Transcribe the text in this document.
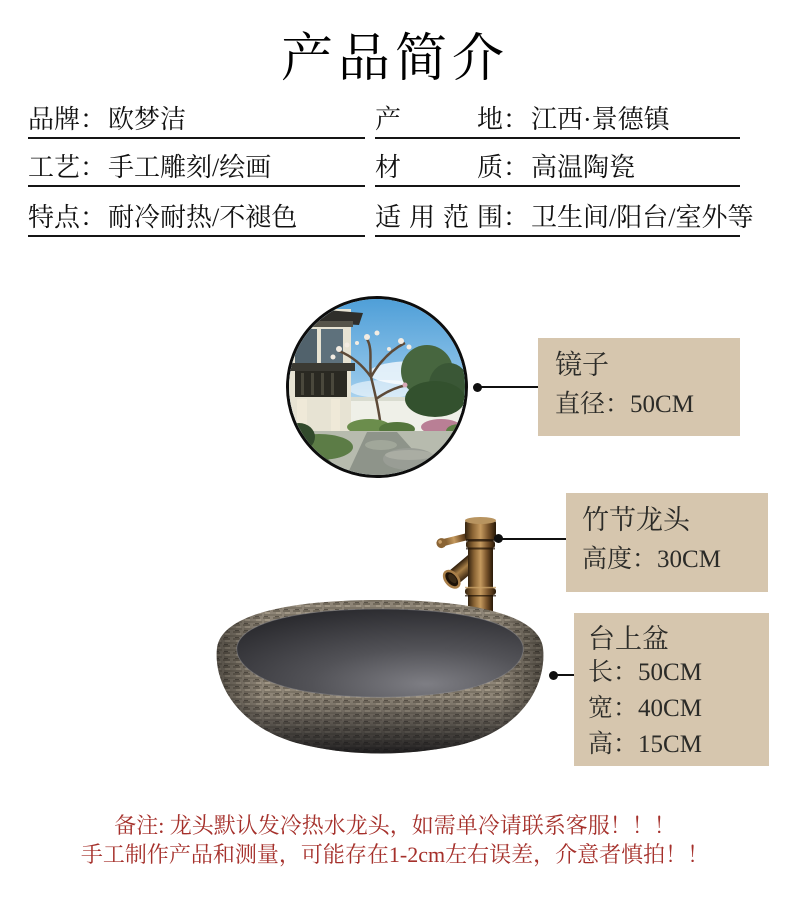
产品简介
品牌：欧梦洁	产地：江西·景德镇
工艺：手工雕刻/绘画	材质：高温陶瓷
特点：耐冷耐热/不褪色	适用范围：卫生间/阳台/室外等
镜子
直径：50CM
竹节龙头
高度：30CM
台上盆
长：50CM
宽：40CM
高：15CM
备注: 龙头默认发冷热水龙头，如需单冷请联系客服！！！
手工制作产品和测量，可能存在1-2cm左右误差，介意者慎拍！！
